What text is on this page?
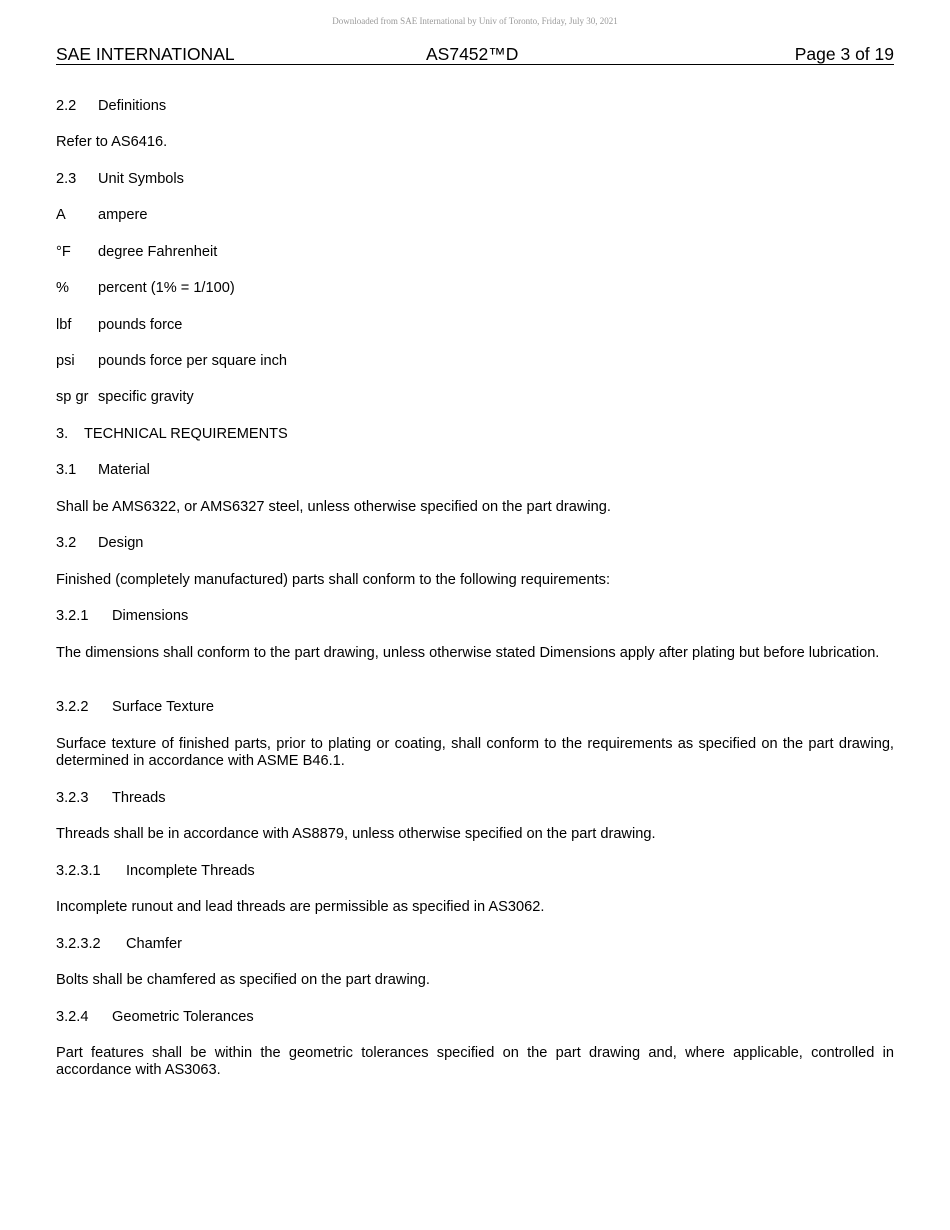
Downloaded from SAE International by Univ of Toronto, Friday, July 30, 2021
SAE INTERNATIONAL	AS7452™D	Page 3 of 19
2.2 Definitions
Refer to AS6416.
2.3 Unit Symbols
A ampere
°F degree Fahrenheit
% percent (1% = 1/100)
lbf pounds force
psi pounds force per square inch
sp gr specific gravity
3. TECHNICAL REQUIREMENTS
3.1 Material
Shall be AMS6322, or AMS6327 steel, unless otherwise specified on the part drawing.
3.2 Design
Finished (completely manufactured) parts shall conform to the following requirements:
3.2.1 Dimensions
The dimensions shall conform to the part drawing, unless otherwise stated Dimensions apply after plating but before lubrication.
3.2.2 Surface Texture
Surface texture of finished parts, prior to plating or coating, shall conform to the requirements as specified on the part drawing, determined in accordance with ASME B46.1.
3.2.3 Threads
Threads shall be in accordance with AS8879, unless otherwise specified on the part drawing.
3.2.3.1 Incomplete Threads
Incomplete runout and lead threads are permissible as specified in AS3062.
3.2.3.2 Chamfer
Bolts shall be chamfered as specified on the part drawing.
3.2.4 Geometric Tolerances
Part features shall be within the geometric tolerances specified on the part drawing and, where applicable, controlled in accordance with AS3063.
